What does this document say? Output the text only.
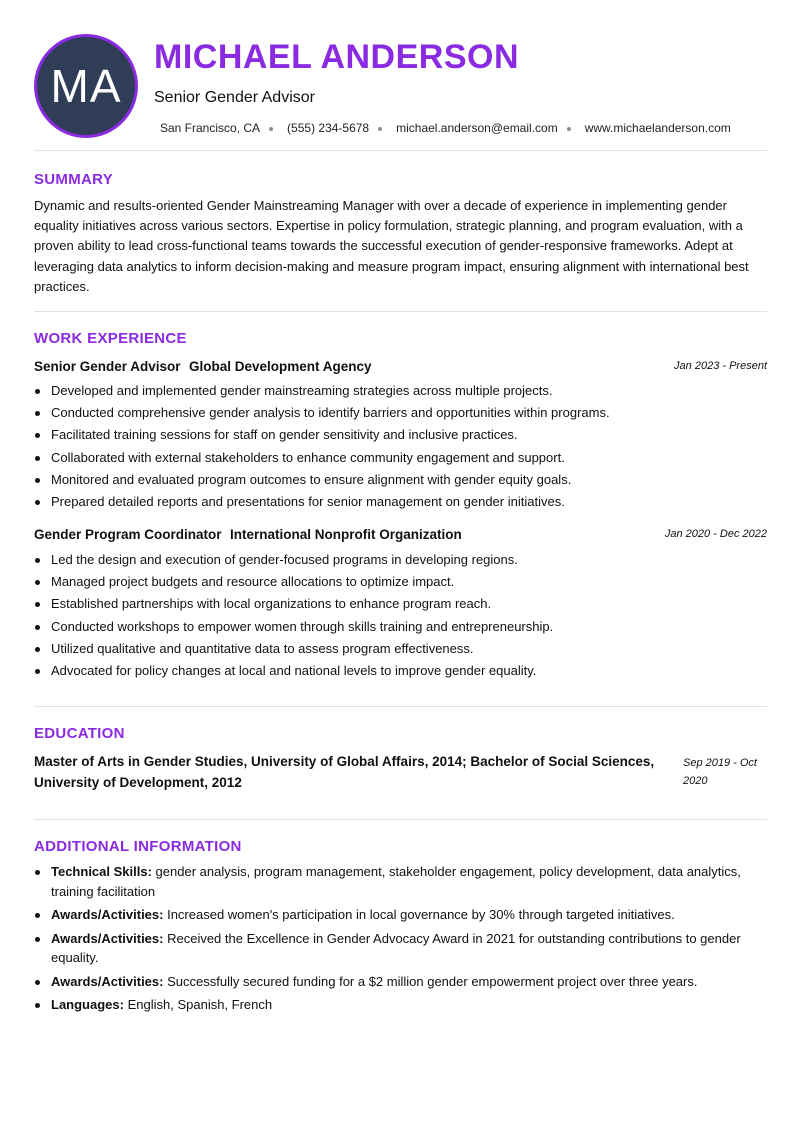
MA
MICHAEL ANDERSON
Senior Gender Advisor
San Francisco, CA (555) 234-5678 michael.anderson@email.com www.michaelanderson.com
SUMMARY
Dynamic and results-oriented Gender Mainstreaming Manager with over a decade of experience in implementing gender equality initiatives across various sectors. Expertise in policy formulation, strategic planning, and program evaluation, with a proven ability to lead cross-functional teams towards the successful execution of gender-responsive frameworks. Adept at leveraging data analytics to inform decision-making and measure program impact, ensuring alignment with international best practices.
WORK EXPERIENCE
Senior Gender Advisor Global Development Agency	Jan 2023 - Present
Developed and implemented gender mainstreaming strategies across multiple projects.
Conducted comprehensive gender analysis to identify barriers and opportunities within programs.
Facilitated training sessions for staff on gender sensitivity and inclusive practices.
Collaborated with external stakeholders to enhance community engagement and support.
Monitored and evaluated program outcomes to ensure alignment with gender equity goals.
Prepared detailed reports and presentations for senior management on gender initiatives.
Gender Program Coordinator International Nonprofit Organization	Jan 2020 - Dec 2022
Led the design and execution of gender-focused programs in developing regions.
Managed project budgets and resource allocations to optimize impact.
Established partnerships with local organizations to enhance program reach.
Conducted workshops to empower women through skills training and entrepreneurship.
Utilized qualitative and quantitative data to assess program effectiveness.
Advocated for policy changes at local and national levels to improve gender equality.
EDUCATION
Master of Arts in Gender Studies, University of Global Affairs, 2014; Bachelor of Social Sciences, University of Development, 2012
Sep 2019 - Oct 2020
ADDITIONAL INFORMATION
Technical Skills: gender analysis, program management, stakeholder engagement, policy development, data analytics, training facilitation
Awards/Activities: Increased women's participation in local governance by 30% through targeted initiatives.
Awards/Activities: Received the Excellence in Gender Advocacy Award in 2021 for outstanding contributions to gender equality.
Awards/Activities: Successfully secured funding for a $2 million gender empowerment project over three years.
Languages: English, Spanish, French
